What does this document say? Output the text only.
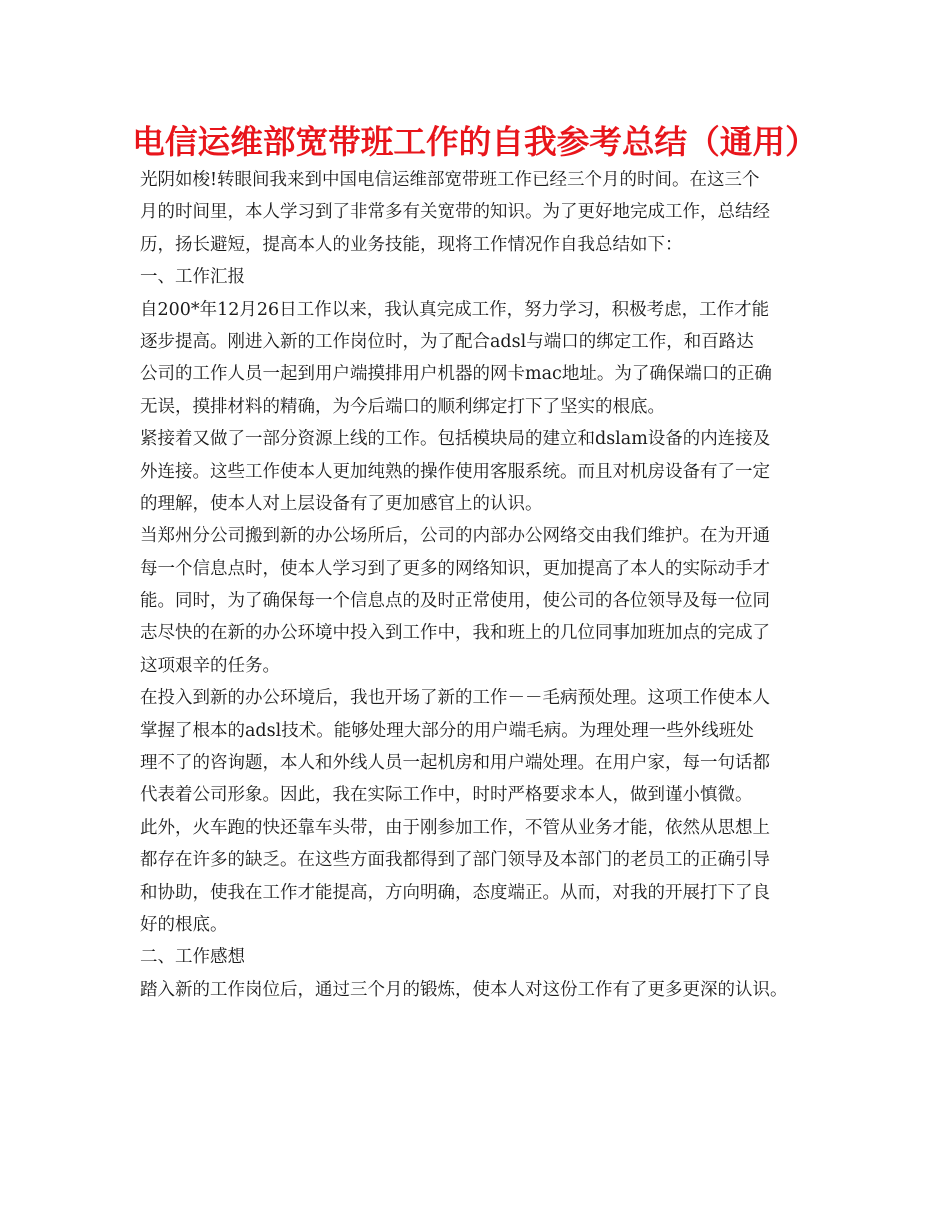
电信运维部宽带班工作的自我参考总结（通用）
光阴如梭!转眼间我来到中国电信运维部宽带班工作已经三个月的时间。在这三个
月的时间里，本人学习到了非常多有关宽带的知识。为了更好地完成工作，总结经
历，扬长避短，提高本人的业务技能，现将工作情况作自我总结如下：
一、工作汇报
自200*年12月26日工作以来，我认真完成工作，努力学习，积极考虑，工作才能
逐步提高。刚进入新的工作岗位时，为了配合adsl与端口的绑定工作，和百路达
公司的工作人员一起到用户端摸排用户机器的网卡mac地址。为了确保端口的正确
无误，摸排材料的精确，为今后端口的顺利绑定打下了坚实的根底。
紧接着又做了一部分资源上线的工作。包括模块局的建立和dslam设备的内连接及
外连接。这些工作使本人更加纯熟的操作使用客服系统。而且对机房设备有了一定
的理解，使本人对上层设备有了更加感官上的认识。
当郑州分公司搬到新的办公场所后，公司的内部办公网络交由我们维护。在为开通
每一个信息点时，使本人学习到了更多的网络知识，更加提高了本人的实际动手才
能。同时，为了确保每一个信息点的及时正常使用，使公司的各位领导及每一位同
志尽快的在新的办公环境中投入到工作中，我和班上的几位同事加班加点的完成了
这项艰辛的任务。
在投入到新的办公环境后，我也开场了新的工作－－毛病预处理。这项工作使本人
掌握了根本的adsl技术。能够处理大部分的用户端毛病。为理处理一些外线班处
理不了的咨询题，本人和外线人员一起机房和用户端处理。在用户家，每一句话都
代表着公司形象。因此，我在实际工作中，时时严格要求本人，做到谨小慎微。
此外，火车跑的快还靠车头带，由于刚参加工作，不管从业务才能，依然从思想上
都存在许多的缺乏。在这些方面我都得到了部门领导及本部门的老员工的正确引导
和协助，使我在工作才能提高，方向明确，态度端正。从而，对我的开展打下了良
好的根底。
二、工作感想
踏入新的工作岗位后，通过三个月的锻炼，使本人对这份工作有了更多更深的认识。
